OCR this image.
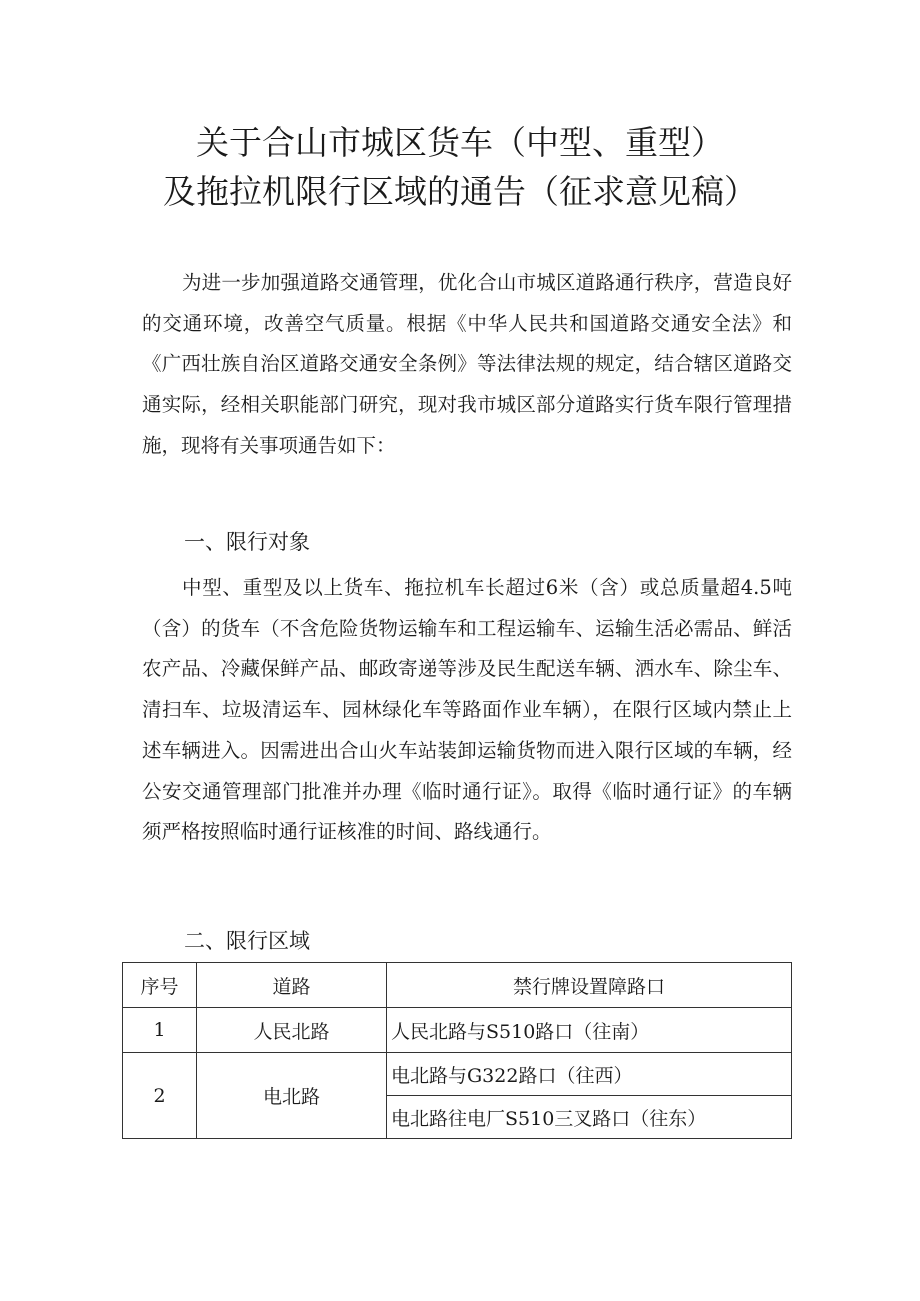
关于合山市城区货车（中型、重型）
及拖拉机限行区域的通告（征求意见稿）

为进一步加强道路交通管理，优化合山市城区道路通行秩序，营造良好的交通环境，改善空气质量。根据《中华人民共和国道路交通安全法》和《广西壮族自治区道路交通安全条例》等法律法规的规定，结合辖区道路交通实际，经相关职能部门研究，现对我市城区部分道路实行货车限行管理措施，现将有关事项通告如下：

一、限行对象

中型、重型及以上货车、拖拉机车长超过6米（含）或总质量超4.5吨（含）的货车（不含危险货物运输车和工程运输车、运输生活必需品、鲜活农产品、冷藏保鲜产品、邮政寄递等涉及民生配送车辆、洒水车、除尘车、清扫车、垃圾清运车、园林绿化车等路面作业车辆），在限行区域内禁止上述车辆进入。因需进出合山火车站装卸运输货物而进入限行区域的车辆，经公安交通管理部门批准并办理《临时通行证》。取得《临时通行证》的车辆须严格按照临时通行证核准的时间、路线通行。

二、限行区域
序号	道路	禁行牌设置障路口
1	人民北路	人民北路与S510路口（往南）
2	电北路	电北路与G322路口（往西）
		电北路往电厂S510三叉路口（往东）
